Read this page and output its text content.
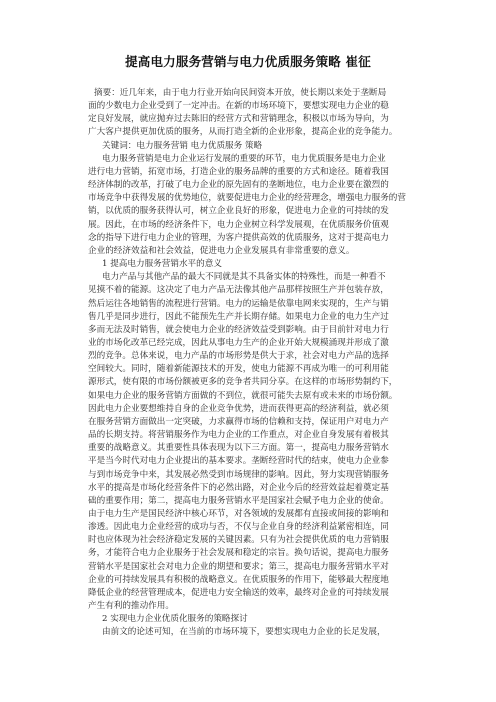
提高电力服务营销与电力优质服务策略 崔征

摘要：近几年来，由于电力行业开始向民间资本开放，使长期以来处于垄断局

面的少数电力企业受到了一定冲击。在新的市场环境下，要想实现电力企业的稳

定良好发展，就应抛弃过去陈旧的经营方式和营销理念，积极以市场为导向，为

广大客户提供更加优质的服务，从而打造全新的企业形象，提高企业的竞争能力。

关键词：电力服务营销 电力优质服务 策略

电力服务营销是电力企业运行发展的重要的环节，电力优质服务是电力企业

进行电力营销，拓宽市场，打造企业的服务品牌的重要的方式和途径。随着我国

经济体制的改革，打破了电力企业的原先固有的垄断地位，电力企业要在激烈的

市场竞争中获得发展的优势地位，就要促进电力企业的经营理念，增强电力服务的营

销，以优质的服务获得认可，树立企业良好的形象，促进电力企业的可持续的发

展。因此，在市场的经济条件下，电力企业树立科学发展观，在优质服务价值观

念的指导下进行电力企业的管理，为客户提供高效的优质服务，这对于提高电力

企业的经济效益和社会效益，促进电力企业发展具有非常重要的意义。

1 提高电力服务营销水平的意义

电力产品与其他产品的最大不同就是其不具备实体的特殊性，而是一种看不

见摸不着的能源。这决定了电力产品无法像其他产品那样按照生产并包装存放，

然后运往各地销售的流程进行营销。电力的运输是依靠电网来实现的，生产与销

售几乎是同步进行，因此不能预先生产并长期存储。如果电力企业的电力生产过

多而无法及时销售，就会使电力企业的经济效益受到影响。由于目前针对电力行

业的市场化改革已经完成，因此从事电力生产的企业开始大规模涌现并形成了激

烈的竞争。总体来说，电力产品的市场形势是供大于求，社会对电力产品的选择

空间较大。同时，随着新能源技术的开发，使电力能源不再成为唯一的可利用能

源形式，使有限的市场份额被更多的竞争者共同分享。在这样的市场形势制约下，

如果电力企业的服务营销方面做的不到位，就很可能失去原有或未来的市场份额。

因此电力企业要想维持自身的企业竞争优势，进而获得更高的经济利益，就必须

在服务营销方面做出一定突破，力求赢得市场的信赖和支持，保证用户对电力产

品的长期支持。将营销服务作为电力企业的工作重点，对企业自身发展有着极其

重要的战略意义。其重要性具体表现为以下三方面。第一，提高电力服务营销水

平是当今时代对电力企业提出的基本要求。垄断经营时代的结束，使电力企业参

与到市场竞争中来，其发展必然受到市场规律的影响。因此，努力实现营销服务

水平的提高是市场化经营条件下的必然出路，对企业今后的经营效益起着奠定基

础的重要作用；第二，提高电力服务营销水平是国家社会赋予电力企业的使命。

由于电力生产是国民经济中核心环节，对各领域的发展都有直接或间接的影响和

渗透。因此电力企业经营的成功与否，不仅与企业自身的经济利益紧密相连，同

时也应体现为社会经济稳定发展的关键因素。只有为社会提供优质的电力营销服

务，才能符合电力企业服务于社会发展和稳定的宗旨。换句话说，提高电力服务

营销水平是国家社会对电力企业的期望和要求；第三，提高电力服务营销水平对

企业的可持续发展具有积极的战略意义。在优质服务的作用下，能够最大程度地

降低企业的经营管理成本，促进电力安全输送的效率，最终对企业的可持续发展

产生有利的推动作用。

2 实现电力企业优质化服务的策略探讨

由前文的论述可知，在当前的市场环境下，要想实现电力企业的长足发展，
